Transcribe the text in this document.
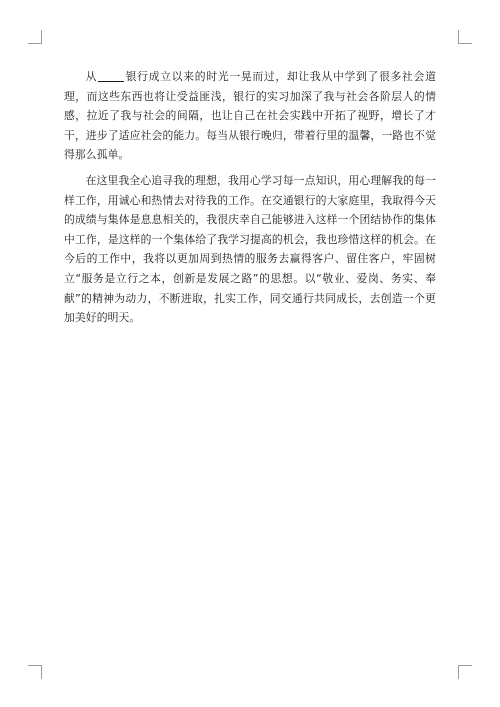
从	银行成立以来的时光一晃而过，却让我从中学到了很多社会道理，而这些东西也将让受益匪浅，银行的实习加深了我与社会各阶层人的情感，拉近了我与社会的间隔，也让自己在社会实践中开拓了视野，增长了才干，进步了适应社会的能力。每当从银行晚归，带着行里的温馨，一路也不觉得那么孤单。

在这里我全心追寻我的理想，我用心学习每一点知识，用心理解我的每一样工作，用诚心和热情去对待我的工作。在交通银行的大家庭里，我取得今天的成绩与集体是息息相关的，我很庆幸自己能够进入这样一个团结协作的集体中工作，是这样的一个集体给了我学习提高的机会，我也珍惜这样的机会。在今后的工作中，我将以更加周到热情的服务去赢得客户、留住客户，牢固树立“服务是立行之本，创新是发展之路”的思想。以“敬业、爱岗、务实、奉献”的精神为动力，不断进取，扎实工作，同交通行共同成长，去创造一个更加美好的明天。
